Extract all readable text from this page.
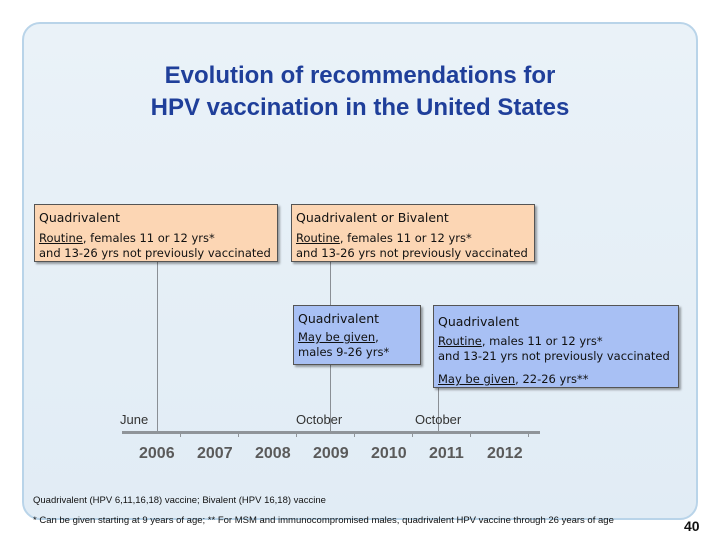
Evolution of recommendations for
HPV vaccination in the United States
Quadrivalent
Routine, females 11 or 12 yrs*
and 13-26 yrs not previously vaccinated
Quadrivalent or Bivalent
Routine, females 11 or 12 yrs*
and 13-26 yrs not previously vaccinated
Quadrivalent
May be given,
males 9-26 yrs*
Quadrivalent
Routine, males 11 or 12 yrs*
and 13-21 yrs not previously vaccinated
May be given, 22-26 yrs**
June	October	October
2006 2007 2008 2009 2010 2011 2012
Quadrivalent (HPV 6,11,16,18) vaccine; Bivalent (HPV 16,18) vaccine
* Can be given starting at 9 years of age; ** For MSM and immunocompromised males, quadrivalent HPV vaccine through 26 years of age	40
